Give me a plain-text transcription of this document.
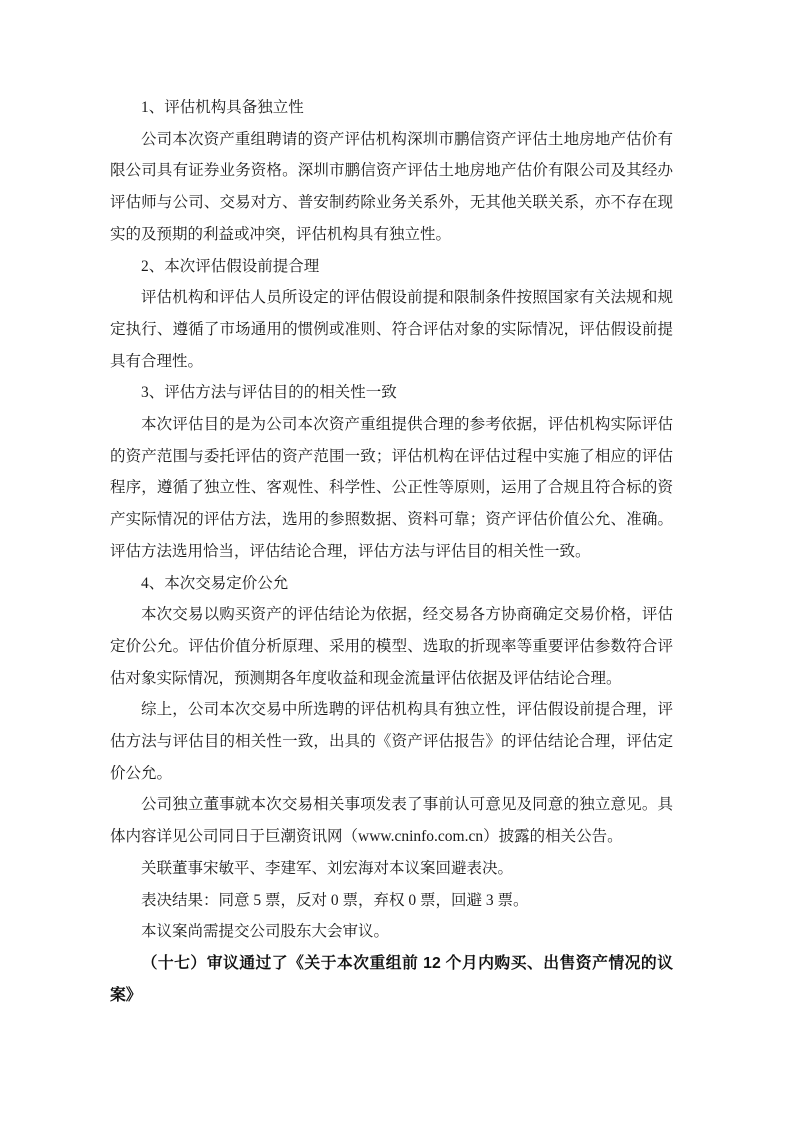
1、评估机构具备独立性

公司本次资产重组聘请的资产评估机构深圳市鹏信资产评估土地房地产估价有限公司具有证券业务资格。深圳市鹏信资产评估土地房地产估价有限公司及其经办评估师与公司、交易对方、普安制药除业务关系外，无其他关联关系，亦不存在现实的及预期的利益或冲突，评估机构具有独立性。

2、本次评估假设前提合理

评估机构和评估人员所设定的评估假设前提和限制条件按照国家有关法规和规定执行、遵循了市场通用的惯例或准则、符合评估对象的实际情况，评估假设前提具有合理性。

3、评估方法与评估目的的相关性一致

本次评估目的是为公司本次资产重组提供合理的参考依据，评估机构实际评估的资产范围与委托评估的资产范围一致；评估机构在评估过程中实施了相应的评估程序，遵循了独立性、客观性、科学性、公正性等原则，运用了合规且符合标的资产实际情况的评估方法，选用的参照数据、资料可靠；资产评估价值公允、准确。评估方法选用恰当，评估结论合理，评估方法与评估目的相关性一致。

4、本次交易定价公允

本次交易以购买资产的评估结论为依据，经交易各方协商确定交易价格，评估定价公允。评估价值分析原理、采用的模型、选取的折现率等重要评估参数符合评估对象实际情况，预测期各年度收益和现金流量评估依据及评估结论合理。

综上，公司本次交易中所选聘的评估机构具有独立性，评估假设前提合理，评估方法与评估目的相关性一致，出具的《资产评估报告》的评估结论合理，评估定价公允。

公司独立董事就本次交易相关事项发表了事前认可意见及同意的独立意见。具体内容详见公司同日于巨潮资讯网（www.cninfo.com.cn）披露的相关公告。

关联董事宋敏平、李建军、刘宏海对本议案回避表决。

表决结果：同意 5 票，反对 0 票，弃权 0 票，回避 3 票。

本议案尚需提交公司股东大会审议。

（十七）审议通过了《关于本次重组前 12 个月内购买、出售资产情况的议案》
